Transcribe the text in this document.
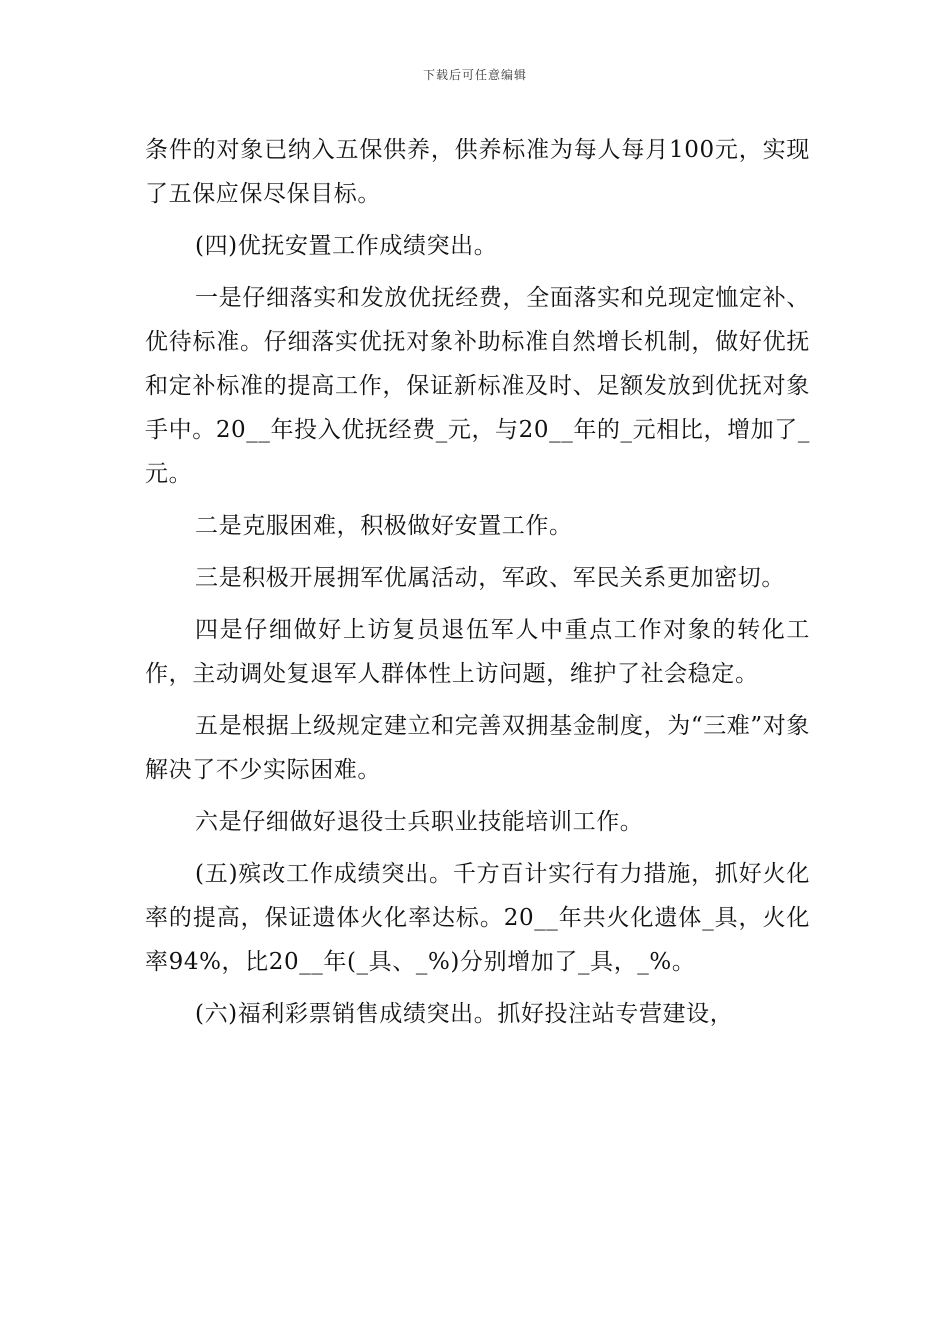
下载后可任意编辑

条件的对象已纳入五保供养，供养标准为每人每月100元，实现了五保应保尽保目标。

(四)优抚安置工作成绩突出。

一是仔细落实和发放优抚经费，全面落实和兑现定恤定补、优待标准。仔细落实优抚对象补助标准自然增长机制，做好优抚和定补标准的提高工作，保证新标准及时、足额发放到优抚对象手中。20__年投入优抚经费_元，与20__年的_元相比，增加了_元。

二是克服困难，积极做好安置工作。

三是积极开展拥军优属活动，军政、军民关系更加密切。

四是仔细做好上访复员退伍军人中重点工作对象的转化工作，主动调处复退军人群体性上访问题，维护了社会稳定。

五是根据上级规定建立和完善双拥基金制度，为“三难”对象解决了不少实际困难。

六是仔细做好退役士兵职业技能培训工作。

(五)殡改工作成绩突出。千方百计实行有力措施，抓好火化率的提高，保证遗体火化率达标。20__年共火化遗体_具，火化率94%，比20__年(_具、_%)分别增加了_具，_%。

(六)福利彩票销售成绩突出。抓好投注站专营建设，
